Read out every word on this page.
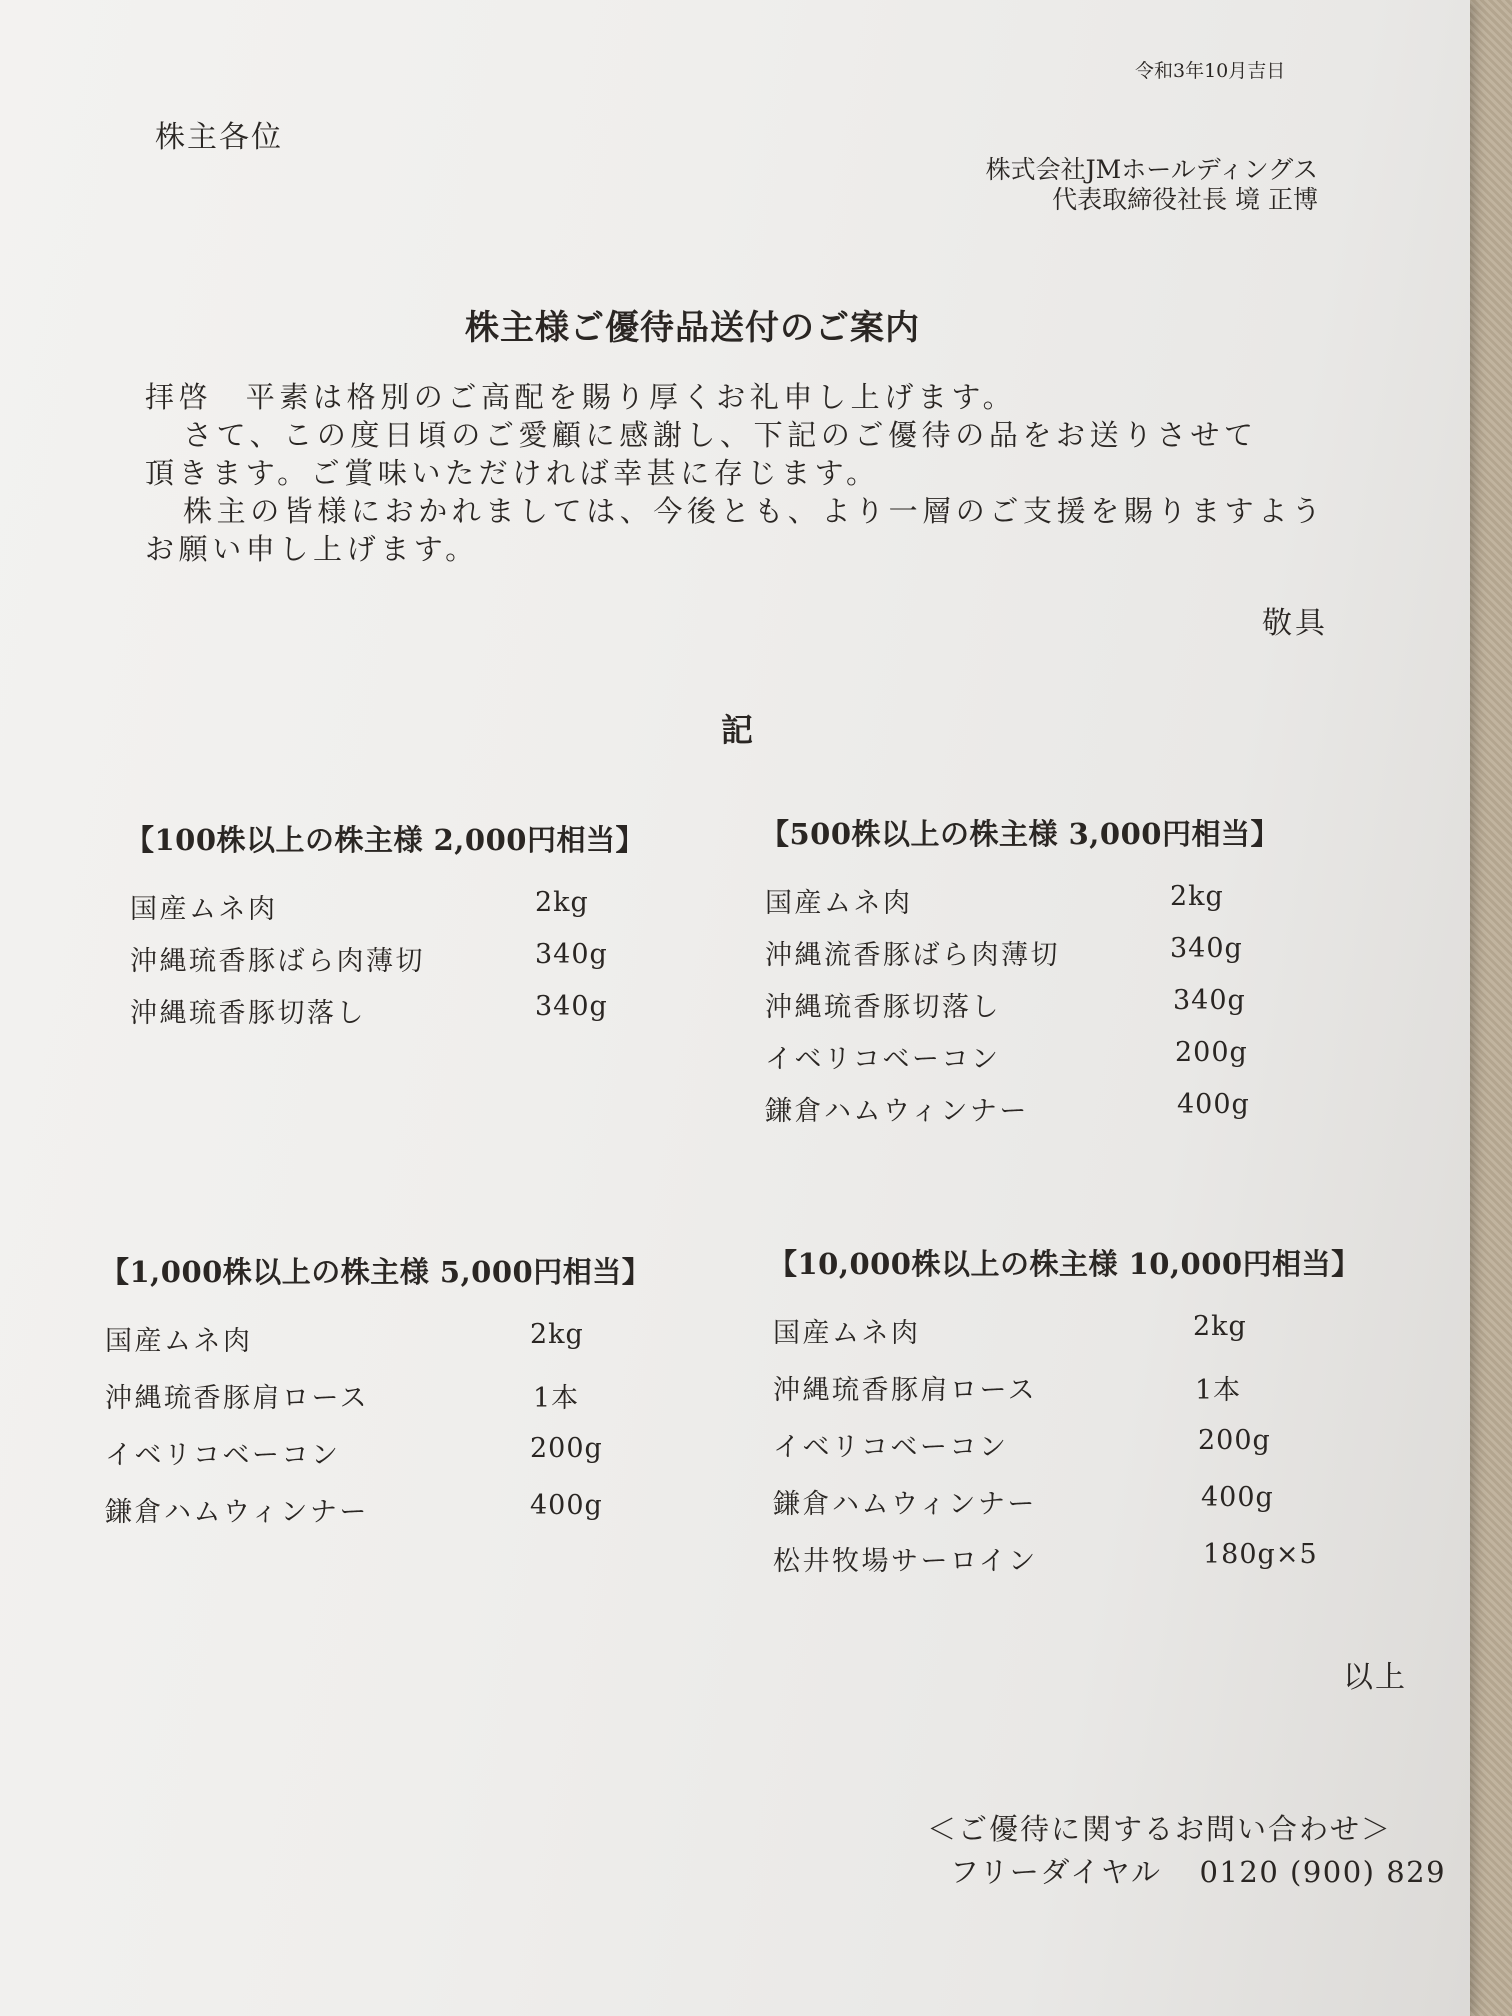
令和3年10月吉日
株主各位
株式会社JMホールディングス
代表取締役社長 境 正博
株主様ご優待品送付のご案内

拝啓　平素は格別のご高配を賜り厚くお礼申し上げます。

さて、この度日頃のご愛顧に感謝し、下記のご優待の品をお送りさせて

頂きます。ご賞味いただければ幸甚に存じます。

株主の皆様におかれましては、今後とも、より一層のご支援を賜りますよう

お願い申し上げます。

敬具
記
【100株以上の株主様 2,000円相当】
国産ムネ肉	2kg
沖縄琉香豚ばら肉薄切	340g
沖縄琉香豚切落し	340g
【500株以上の株主様 3,000円相当】
国産ムネ肉	2kg
沖縄流香豚ばら肉薄切	340g
沖縄琉香豚切落し	340g
イベリコベーコン	200g
鎌倉ハムウィンナー	400g
【1,000株以上の株主様 5,000円相当】
国産ムネ肉	2kg
沖縄琉香豚肩ロース	1本
イベリコベーコン	200g
鎌倉ハムウィンナー	400g
【10,000株以上の株主様 10,000円相当】
国産ムネ肉	2kg
沖縄琉香豚肩ロース	1本
イベリコベーコン	200g
鎌倉ハムウィンナー	400g
松井牧場サーロイン	180g×5
以上
＜ご優待に関するお問い合わせ＞
フリーダイヤル 0120 (900) 829
